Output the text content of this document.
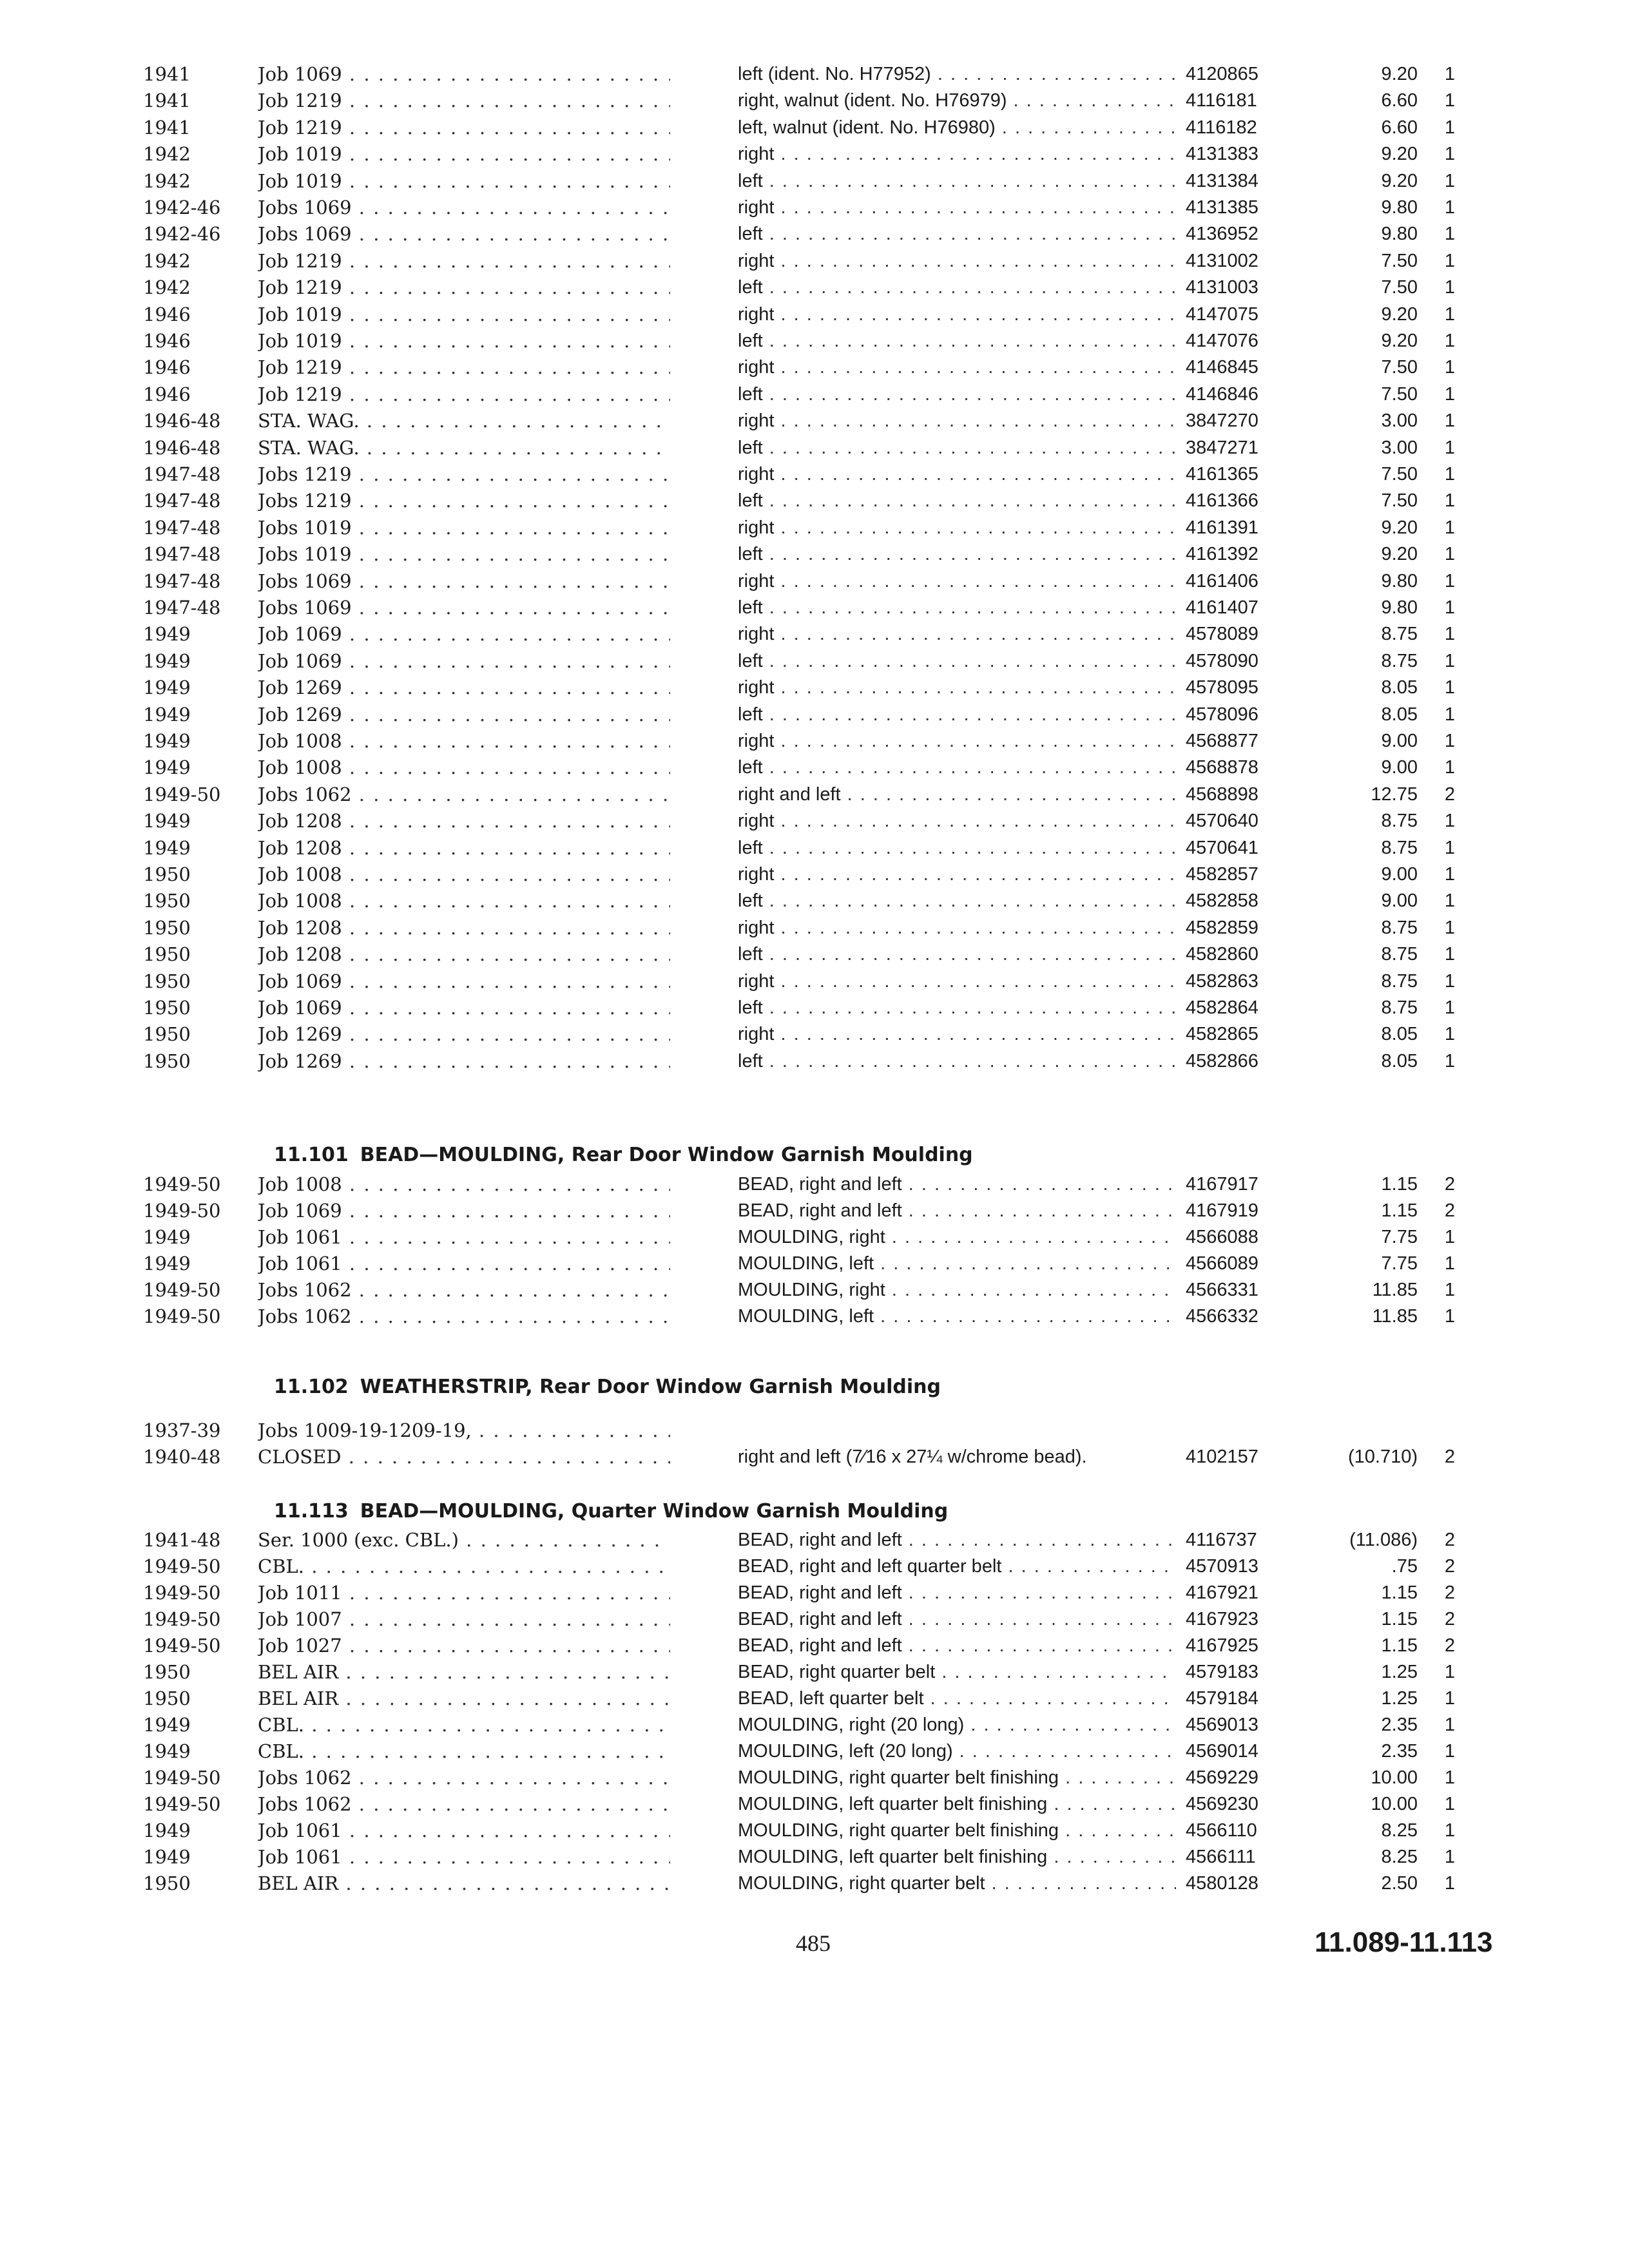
1941	Job 1069 . . .	left (ident. No. H77952) . . .	4120865	9.20	1
1941	Job 1219 . . .	right, walnut (ident. No. H76979) . . .	4116181	6.60	1
1941	Job 1219 . . .	left, walnut (ident. No. H76980) . . .	4116182	6.60	1
1942	Job 1019 . . .	right . . .	4131383	9.20	1
1942	Job 1019 . . .	left . . .	4131384	9.20	1
1942-46	Jobs 1069 . . .	right . . .	4131385	9.80	1
1942-46	Jobs 1069 . . .	left . . .	4136952	9.80	1
1942	Job 1219 . . .	right . . .	4131002	7.50	1
1942	Job 1219 . . .	left . . .	4131003	7.50	1
1946	Job 1019 . . .	right . . .	4147075	9.20	1
1946	Job 1019 . . .	left . . .	4147076	9.20	1
1946	Job 1219 . . .	right . . .	4146845	7.50	1
1946	Job 1219 . . .	left . . .	4146846	7.50	1
1946-48	STA. WAG. . . .	right . . .	3847270	3.00	1
1946-48	STA. WAG. . . .	left . . .	3847271	3.00	1
1947-48	Jobs 1219 . . .	right . . .	4161365	7.50	1
1947-48	Jobs 1219 . . .	left . . .	4161366	7.50	1
1947-48	Jobs 1019 . . .	right . . .	4161391	9.20	1
1947-48	Jobs 1019 . . .	left . . .	4161392	9.20	1
1947-48	Jobs 1069 . . .	right . . .	4161406	9.80	1
1947-48	Jobs 1069 . . .	left . . .	4161407	9.80	1
1949	Job 1069 . . .	right . . .	4578089	8.75	1
1949	Job 1069 . . .	left . . .	4578090	8.75	1
1949	Job 1269 . . .	right . . .	4578095	8.05	1
1949	Job 1269 . . .	left . . .	4578096	8.05	1
1949	Job 1008 . . .	right . . .	4568877	9.00	1
1949	Job 1008 . . .	left . . .	4568878	9.00	1
1949-50	Jobs 1062 . . .	right and left . . .	4568898	12.75	2
1949	Job 1208 . . .	right . . .	4570640	8.75	1
1949	Job 1208 . . .	left . . .	4570641	8.75	1
1950	Job 1008 . . .	right . . .	4582857	9.00	1
1950	Job 1008 . . .	left . . .	4582858	9.00	1
1950	Job 1208 . . .	right . . .	4582859	8.75	1
1950	Job 1208 . . .	left . . .	4582860	8.75	1
1950	Job 1069 . . .	right . . .	4582863	8.75	1
1950	Job 1069 . . .	left . . .	4582864	8.75	1
1950	Job 1269 . . .	right . . .	4582865	8.05	1
1950	Job 1269 . . .	left . . .	4582866	8.05	1
11.101 BEAD—MOULDING, Rear Door Window Garnish Moulding
1949-50	Job 1008 . . .	BEAD, right and left . . .	4167917	1.15	2
1949-50	Job 1069 . . .	BEAD, right and left . . .	4167919	1.15	2
1949	Job 1061 . . .	MOULDING, right . . .	4566088	7.75	1
1949	Job 1061 . . .	MOULDING, left . . .	4566089	7.75	1
1949-50	Jobs 1062 . . .	MOULDING, right . . .	4566331	11.85	1
1949-50	Jobs 1062 . . .	MOULDING, left . . .	4566332	11.85	1
11.102 WEATHERSTRIP, Rear Door Window Garnish Moulding
1937-39	Jobs 1009-19-1209-19, . . .
1940-48	CLOSED . . .	right and left (7⁄16 x 27¼ w/chrome bead).	4102157	(10.710)	2
11.113 BEAD—MOULDING, Quarter Window Garnish Moulding
1941-48	Ser. 1000 (exc. CBL.) . . .	BEAD, right and left . . .	4116737	(11.086)	2
1949-50	CBL. . . .	BEAD, right and left quarter belt . . .	4570913	.75	2
1949-50	Job 1011 . . .	BEAD, right and left . . .	4167921	1.15	2
1949-50	Job 1007 . . .	BEAD, right and left . . .	4167923	1.15	2
1949-50	Job 1027 . . .	BEAD, right and left . . .	4167925	1.15	2
1950	BEL AIR . . .	BEAD, right quarter belt . . .	4579183	1.25	1
1950	BEL AIR . . .	BEAD, left quarter belt . . .	4579184	1.25	1
1949	CBL. . . .	MOULDING, right (20 long) . . .	4569013	2.35	1
1949	CBL. . . .	MOULDING, left (20 long) . . .	4569014	2.35	1
1949-50	Jobs 1062 . . .	MOULDING, right quarter belt finishing . . .	4569229	10.00	1
1949-50	Jobs 1062 . . .	MOULDING, left quarter belt finishing . . .	4569230	10.00	1
1949	Job 1061 . . .	MOULDING, right quarter belt finishing . . .	4566110	8.25	1
1949	Job 1061 . . .	MOULDING, left quarter belt finishing . . .	4566111	8.25	1
1950	BEL AIR . . .	MOULDING, right quarter belt . . .	4580128	2.50	1
485	11.089-11.113
